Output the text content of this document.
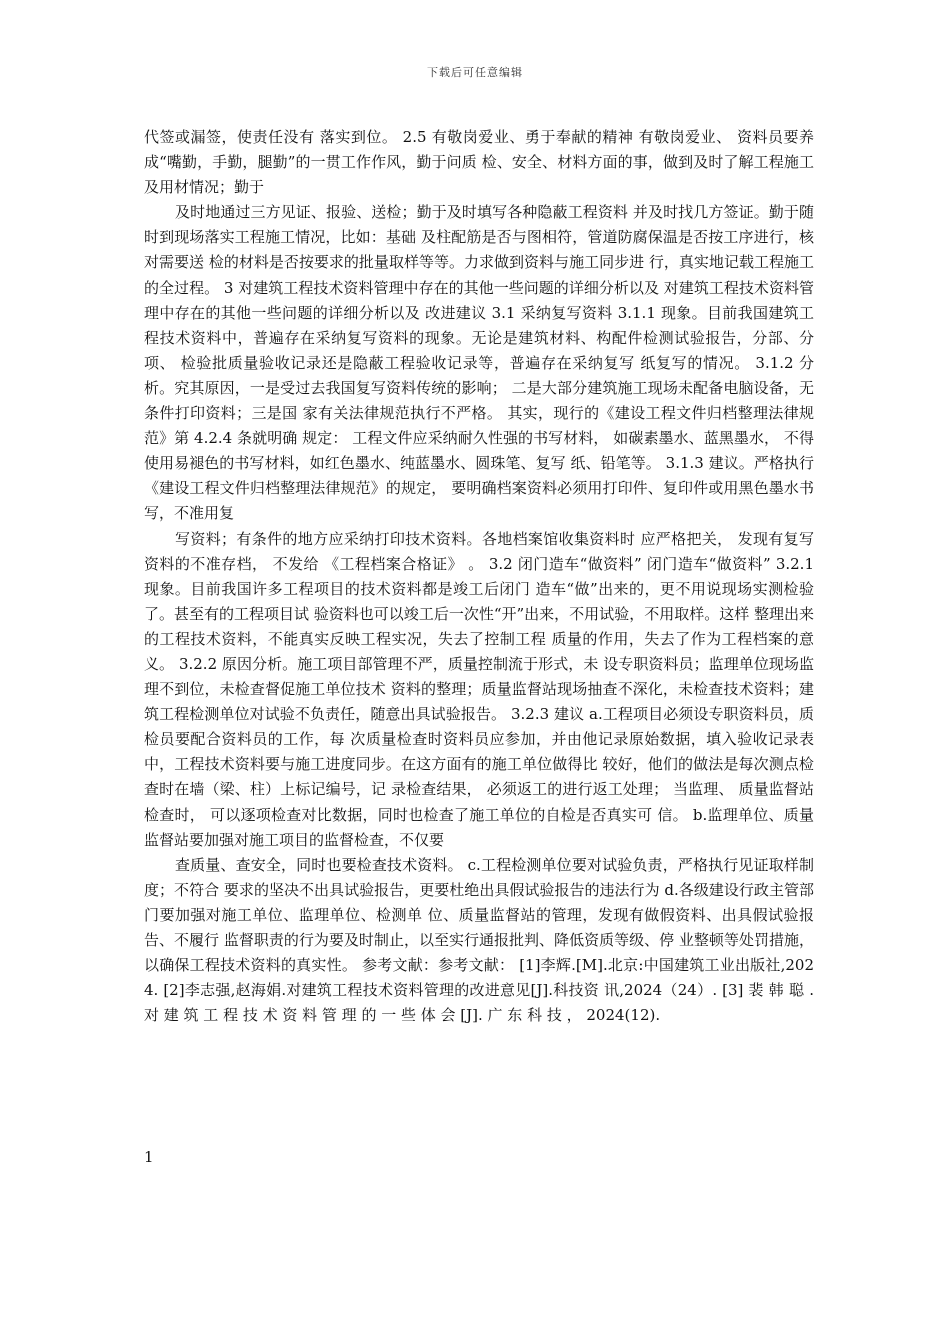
下载后可任意编辑

代签或漏签，使责任没有 落实到位。 2.5 有敬岗爱业、勇于奉献的精神 有敬岗爱业、 资料员要养成“嘴勤，手勤，腿勤”的一贯工作作风，勤于问质 检、安全、材料方面的事，做到及时了解工程施工及用材情况；勤于

及时地通过三方见证、报验、送检；勤于及时填写各种隐蔽工程资料 并及时找几方签证。勤于随时到现场落实工程施工情况，比如：基础 及柱配筋是否与图相符，管道防腐保温是否按工序进行，核对需要送 检的材料是否按要求的批量取样等等。力求做到资料与施工同步进 行，真实地记载工程施工的全过程。 3 对建筑工程技术资料管理中存在的其他一些问题的详细分析以及 对建筑工程技术资料管理中存在的其他一些问题的详细分析以及 改进建议 3.1 采纳复写资料 3.1.1 现象。目前我国建筑工程技术资料中，普遍存在采纳复写资料的现象。无论是建筑材料、构配件检测试验报告，分部、分项、 检验批质量验收记录还是隐蔽工程验收记录等，普遍存在采纳复写 纸复写的情况。 3.1.2 分析。究其原因，一是受过去我国复写资料传统的影响； 二是大部分建筑施工现场未配备电脑设备，无条件打印资料；三是国 家有关法律规范执行不严格。 其实，现行的《建设工程文件归档整理法律规范》第 4.2.4 条就明确 规定： 工程文件应采纳耐久性强的书写材料， 如碳素墨水、蓝黑墨水， 不得使用易褪色的书写材料，如红色墨水、纯蓝墨水、圆珠笔、复写 纸、铅笔等。 3.1.3 建议。严格执行《建设工程文件归档整理法律规范》的规定， 要明确档案资料必须用打印件、复印件或用黑色墨水书写，不准用复

写资料；有条件的地方应采纳打印技术资料。各地档案馆收集资料时 应严格把关， 发现有复写资料的不准存档， 不发给 《工程档案合格证》 。 3.2 闭门造车“做资料” 闭门造车“做资料” 3.2.1 现象。目前我国许多工程项目的技术资料都是竣工后闭门 造车“做”出来的，更不用说现场实测检验了。甚至有的工程项目试 验资料也可以竣工后一次性“开”出来，不用试验，不用取样。这样 整理出来的工程技术资料，不能真实反映工程实况，失去了控制工程 质量的作用，失去了作为工程档案的意义。 3.2.2 原因分析。施工项目部管理不严，质量控制流于形式，未 设专职资料员；监理单位现场监理不到位，未检查督促施工单位技术 资料的整理；质量监督站现场抽查不深化，未检查技术资料；建筑工程检测单位对试验不负责任，随意出具试验报告。 3.2.3 建议 a.工程项目必须设专职资料员，质检员要配合资料员的工作，每 次质量检查时资料员应参加，并由他记录原始数据，填入验收记录表 中，工程技术资料要与施工进度同步。在这方面有的施工单位做得比 较好，他们的做法是每次测点检查时在墙（梁、柱）上标记编号，记 录检查结果， 必须返工的进行返工处理； 当监理、 质量监督站检查时， 可以逐项检查对比数据，同时也检查了施工单位的自检是否真实可 信。 b.监理单位、质量监督站要加强对施工项目的监督检查，不仅要

查质量、查安全，同时也要检查技术资料。 c.工程检测单位要对试验负责，严格执行见证取样制度；不符合 要求的坚决不出具试验报告，更要杜绝出具假试验报告的违法行为 d.各级建设行政主管部门要加强对施工单位、监理单位、检测单 位、质量监督站的管理，发现有做假资料、出具假试验报告、不履行 监督职责的行为要及时制止，以至实行通报批判、降低资质等级、停 业整顿等处罚措施，以确保工程技术资料的真实性。 参考文献：参考文献： [1]李辉.[M].北京:中国建筑工业出版社,2024. [2]李志强,赵海娟.对建筑工程技术资料管理的改进意见[J].科技资 讯,2024（24）. [3] 裴 韩 聪 . 对 建 筑 工 程 技 术 资 料 管 理 的 一 些 体 会 [J]. 广 东 科 技 ， 2024(12).

1
